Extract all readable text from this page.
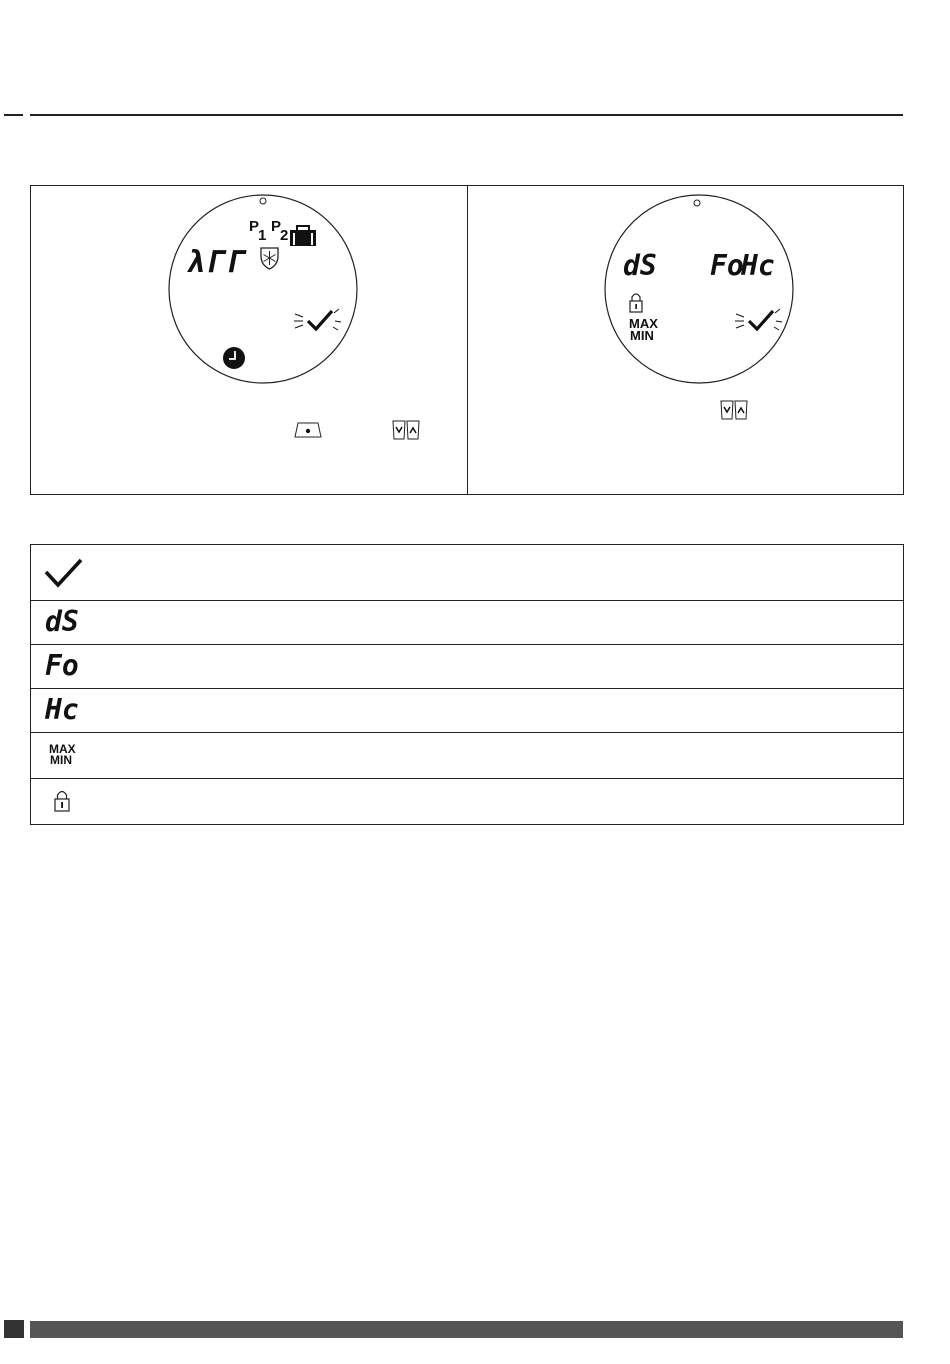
λΓΓ
P1
P2
dS Fo
Hc
MAX
MIN
dS
Fo
Hc
MAX
MIN
